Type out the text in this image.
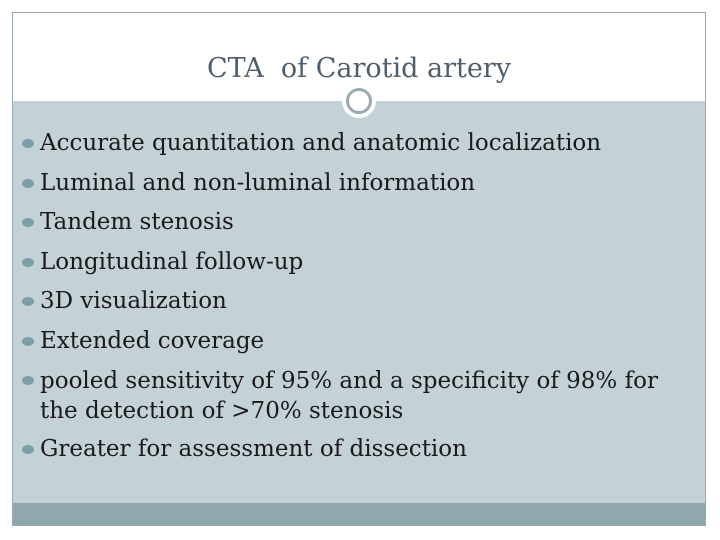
CTA  of Carotid artery
Accurate quantitation and anatomic localization
Luminal and non-luminal information
Tandem stenosis
Longitudinal follow-up
3D visualization
Extended coverage
pooled sensitivity of 95% and a specificity of 98% for the detection of >70% stenosis
Greater for assessment of dissection
